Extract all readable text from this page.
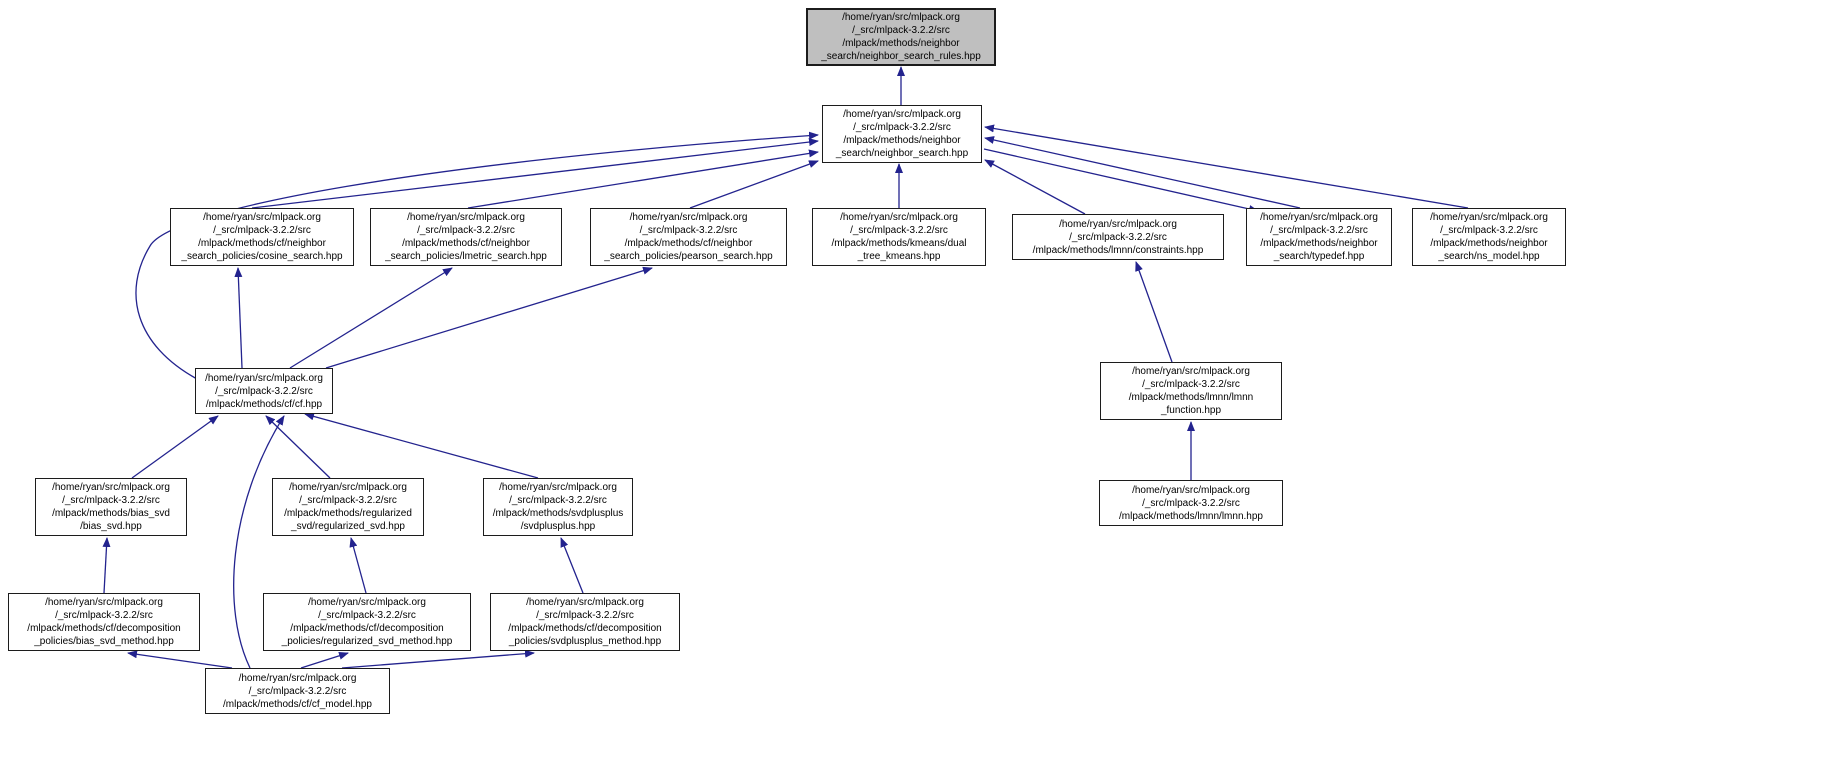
/home/ryan/src/mlpack.org
/_src/mlpack-3.2.2/src
/mlpack/methods/neighbor
_search/neighbor_search_rules.hpp
/home/ryan/src/mlpack.org
/_src/mlpack-3.2.2/src
/mlpack/methods/neighbor
_search/neighbor_search.hpp
/home/ryan/src/mlpack.org
/_src/mlpack-3.2.2/src
/mlpack/methods/cf/neighbor
_search_policies/cosine_search.hpp
/home/ryan/src/mlpack.org
/_src/mlpack-3.2.2/src
/mlpack/methods/cf/neighbor
_search_policies/lmetric_search.hpp
/home/ryan/src/mlpack.org
/_src/mlpack-3.2.2/src
/mlpack/methods/cf/neighbor
_search_policies/pearson_search.hpp
/home/ryan/src/mlpack.org
/_src/mlpack-3.2.2/src
/mlpack/methods/kmeans/dual
_tree_kmeans.hpp
/home/ryan/src/mlpack.org
/_src/mlpack-3.2.2/src
/mlpack/methods/lmnn/constraints.hpp
/home/ryan/src/mlpack.org
/_src/mlpack-3.2.2/src
/mlpack/methods/neighbor
_search/typedef.hpp
/home/ryan/src/mlpack.org
/_src/mlpack-3.2.2/src
/mlpack/methods/neighbor
_search/ns_model.hpp
/home/ryan/src/mlpack.org
/_src/mlpack-3.2.2/src
/mlpack/methods/cf/cf.hpp
/home/ryan/src/mlpack.org
/_src/mlpack-3.2.2/src
/mlpack/methods/lmnn/lmnn
_function.hpp
/home/ryan/src/mlpack.org
/_src/mlpack-3.2.2/src
/mlpack/methods/lmnn/lmnn.hpp
/home/ryan/src/mlpack.org
/_src/mlpack-3.2.2/src
/mlpack/methods/bias_svd
/bias_svd.hpp
/home/ryan/src/mlpack.org
/_src/mlpack-3.2.2/src
/mlpack/methods/regularized
_svd/regularized_svd.hpp
/home/ryan/src/mlpack.org
/_src/mlpack-3.2.2/src
/mlpack/methods/svdplusplus
/svdplusplus.hpp
/home/ryan/src/mlpack.org
/_src/mlpack-3.2.2/src
/mlpack/methods/cf/decomposition
_policies/bias_svd_method.hpp
/home/ryan/src/mlpack.org
/_src/mlpack-3.2.2/src
/mlpack/methods/cf/decomposition
_policies/regularized_svd_method.hpp
/home/ryan/src/mlpack.org
/_src/mlpack-3.2.2/src
/mlpack/methods/cf/decomposition
_policies/svdplusplus_method.hpp
/home/ryan/src/mlpack.org
/_src/mlpack-3.2.2/src
/mlpack/methods/cf/cf_model.hpp
